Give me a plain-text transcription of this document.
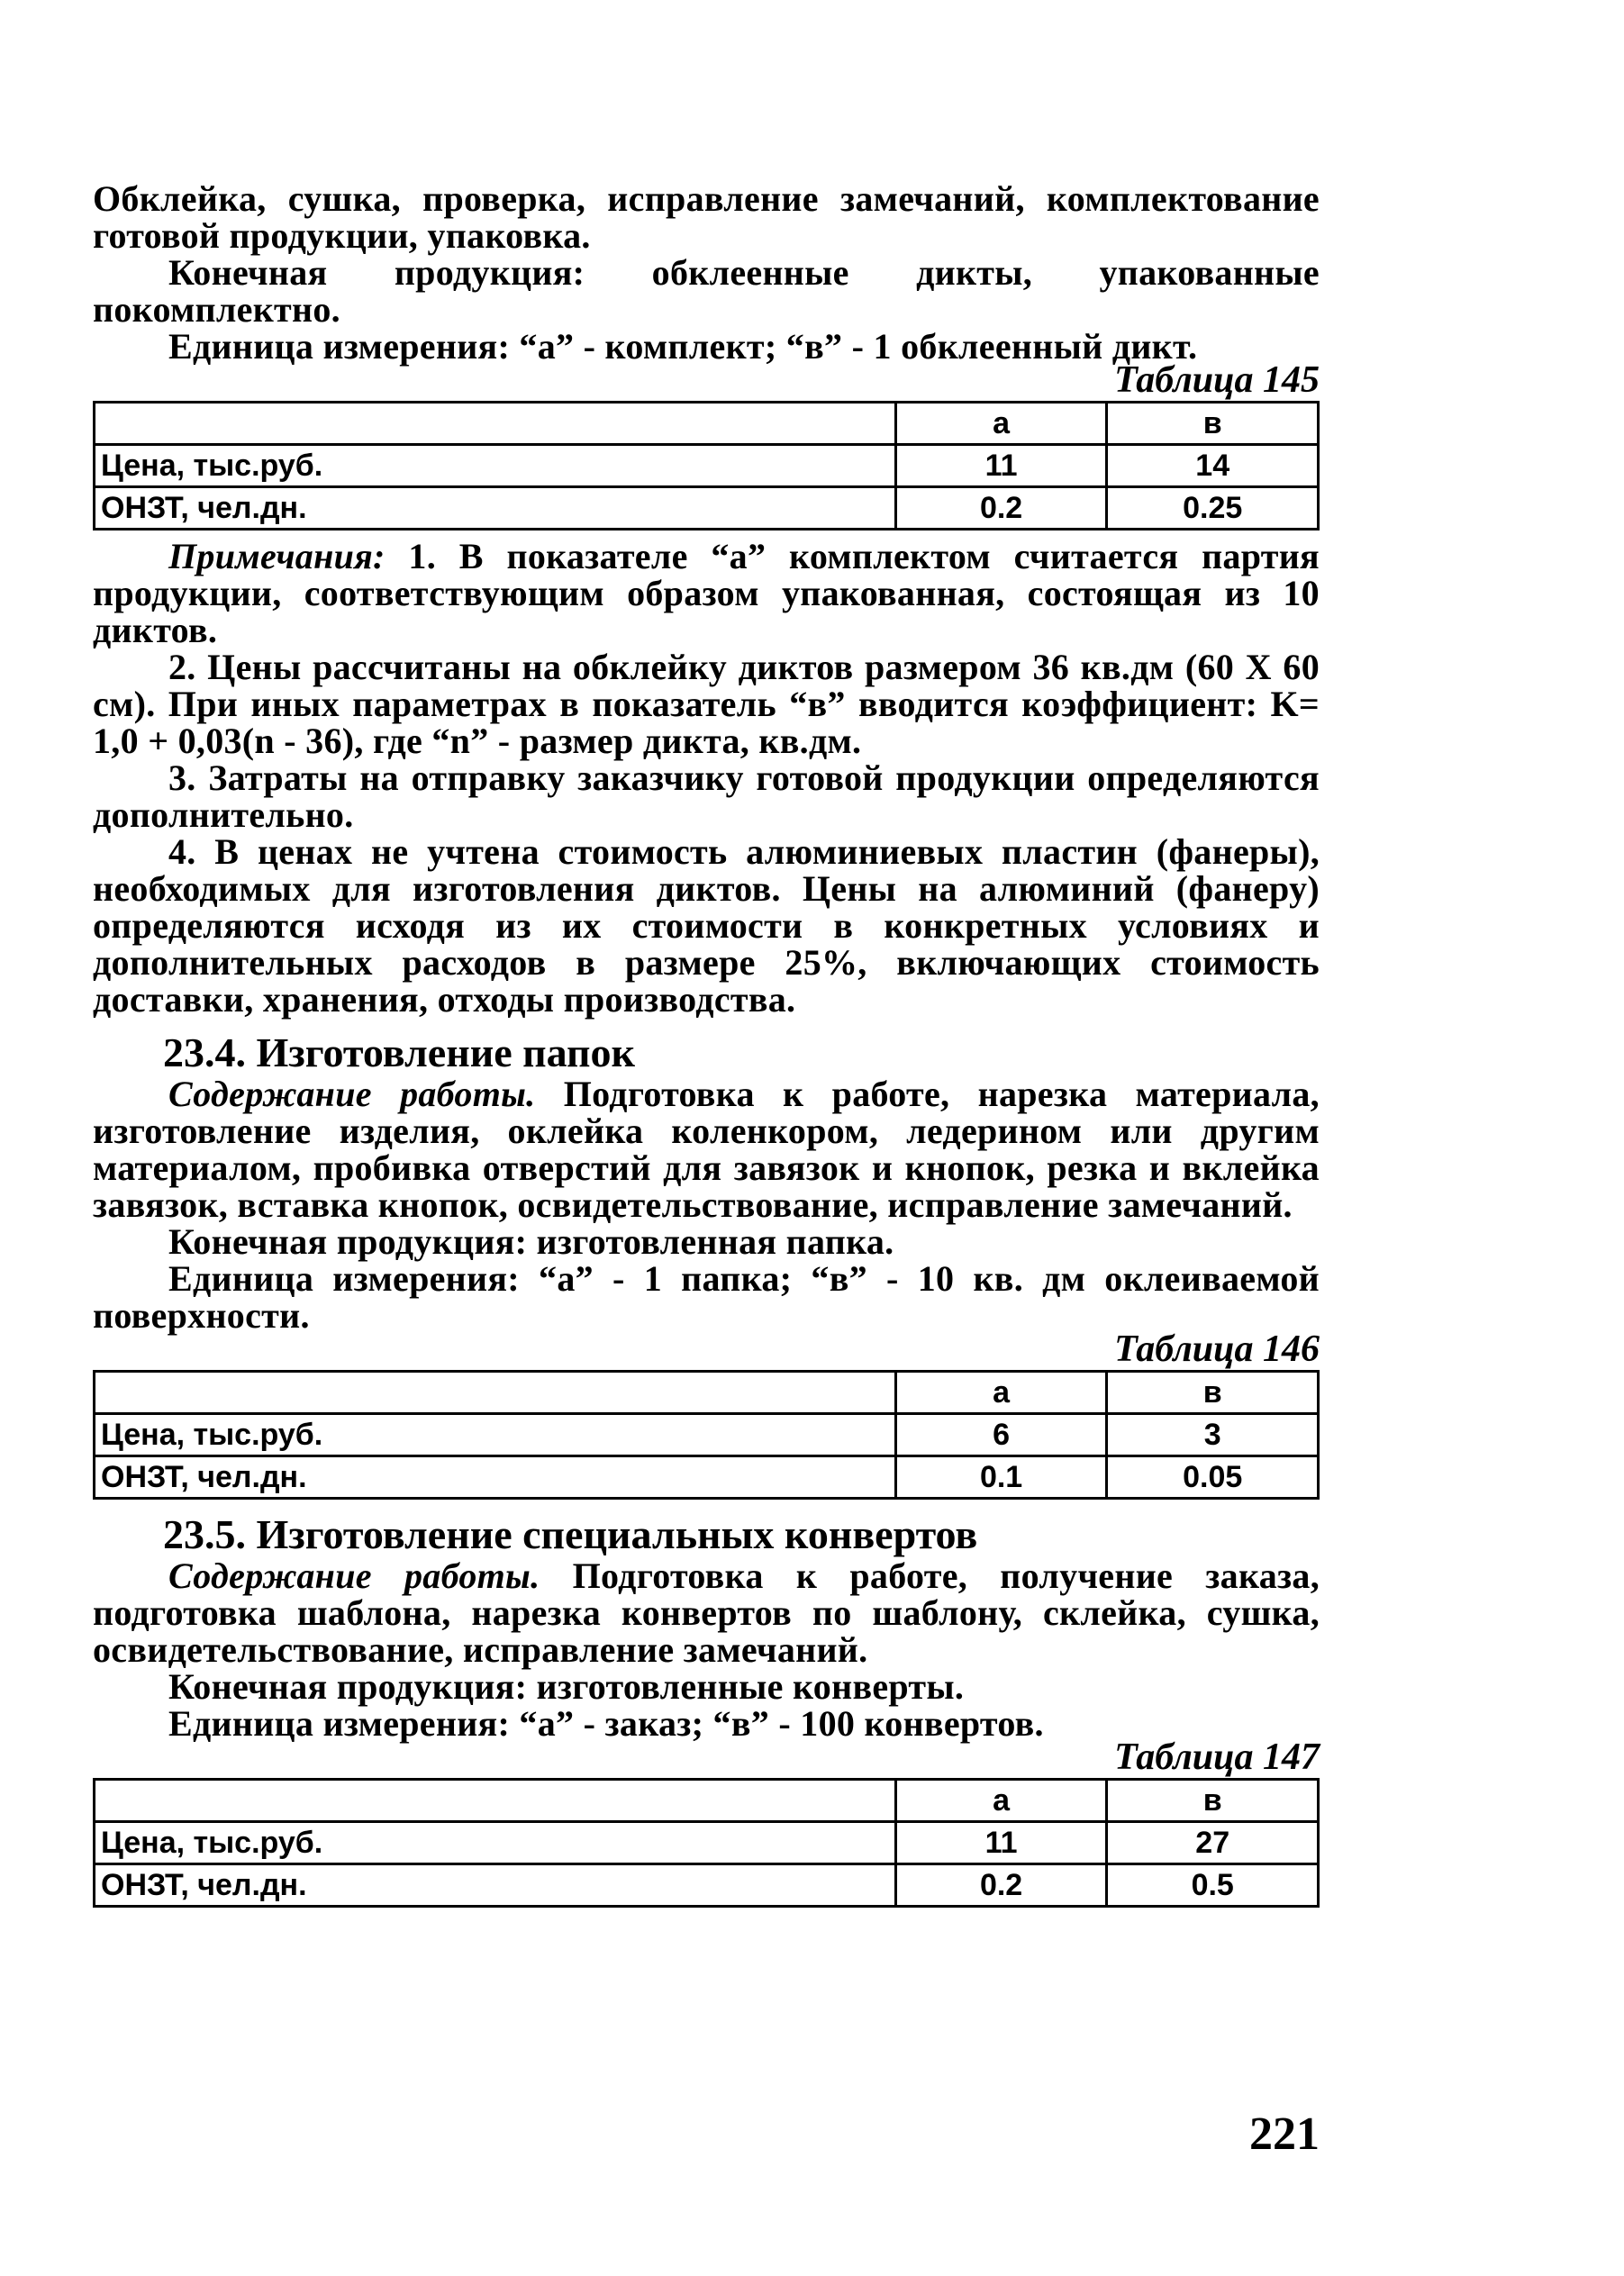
Обклейка, сушка, проверка, исправление замечаний, комплектование готовой продукции, упаковка.

Конечная продукция: обклеенные дикты, упакованные покомплектно.

Единица измерения: “а” - комплект; “в” - 1 обклеенный дикт.

Таблица 145
	а	в
Цена, тыс.руб.	11	14
ОНЗТ, чел.дн.	0.2	0.25

Примечания: 1. В показателе “а” комплектом считается партия продукции, соответствующим образом упакованная, состоящая из 10 диктов.

2. Цены рассчитаны на обклейку диктов размером 36 кв.дм (60 X 60 см). При иных параметрах в показатель “в” вводится коэффициент: K= 1,0 + 0,03(n - 36), где “n” - размер дикта, кв.дм.

3. Затраты на отправку заказчику готовой продукции определяются дополнительно.

4. В ценах не учтена стоимость алюминиевых пластин (фанеры), необходимых для изготовления диктов. Цены на алюминий (фанеру) определяются исходя из их стоимости в конкретных условиях и дополнительных расходов в размере 25%, включающих стоимость доставки, хранения, отходы производства.

23.4. Изготовление папок

Содержание работы. Подготовка к работе, нарезка материала, изготовление изделия, оклейка коленкором, ледерином или другим материалом, пробивка отверстий для завязок и кнопок, резка и вклейка завязок, вставка кнопок, освидетельствование, исправление замечаний.

Конечная продукция: изготовленная папка.

Единица измерения: “а” - 1 папка; “в” - 10 кв. дм оклеиваемой поверхности.

Таблица 146
	а	в
Цена, тыс.руб.	6	3
ОНЗТ, чел.дн.	0.1	0.05
23.5. Изготовление специальных конвертов

Содержание работы. Подготовка к работе, получение заказа, подготовка шаблона, нарезка конвертов по шаблону, склейка, сушка, освидетельствование, исправление замечаний.

Конечная продукция: изготовленные конверты.

Единица измерения: “а” - заказ; “в” - 100 конвертов.

Таблица 147
	а	в
Цена, тыс.руб.	11	27
ОНЗТ, чел.дн.	0.2	0.5
221
